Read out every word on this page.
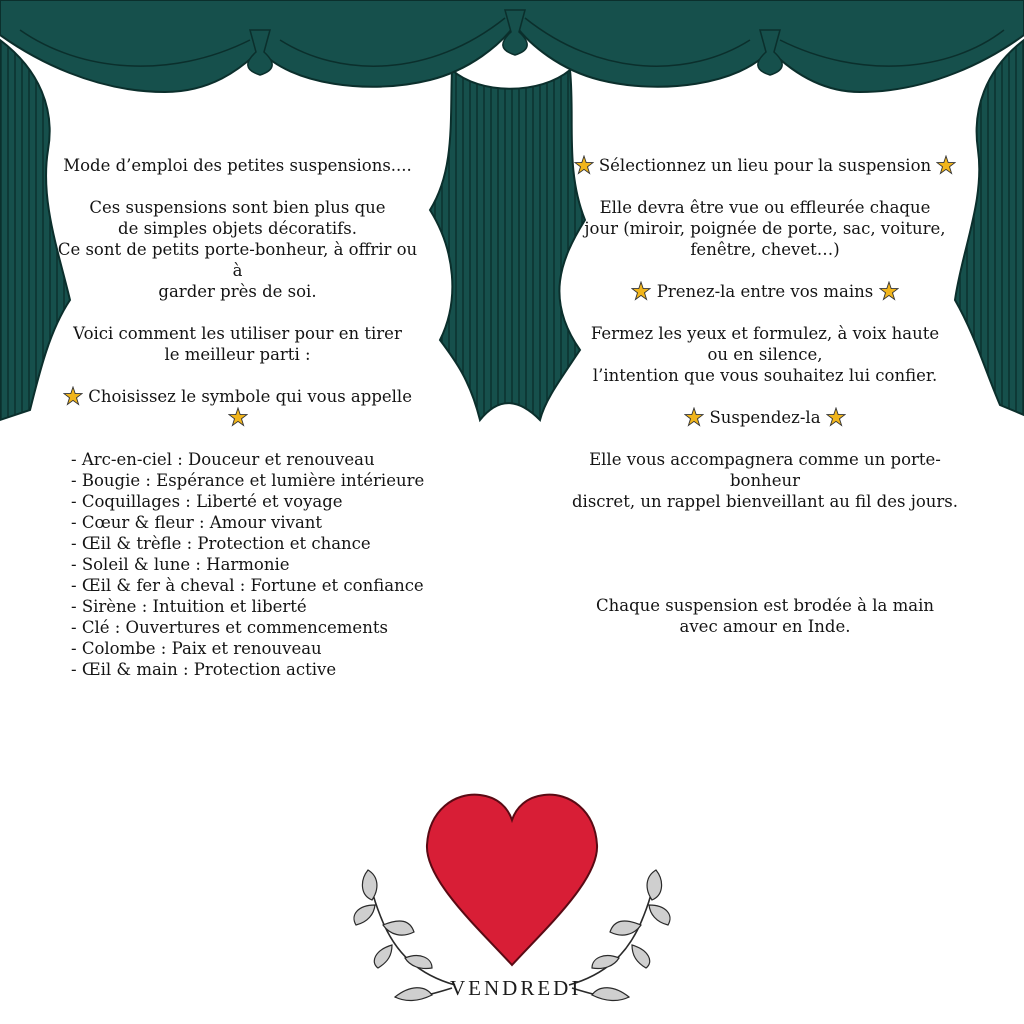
Mode d’emploi des petites suspensions....

Ces suspensions sont bien plus que

de simples objets décoratifs.

Ce sont de petits porte-bonheur, à offrir ou à

garder près de soi.

Voici comment les utiliser pour en tirer

le meilleur parti :

Choisissez le symbole qui vous appelle

- Arc-en-ciel : Douceur et renouveau
- Bougie : Espérance et lumière intérieure
- Coquillages : Liberté et voyage
- Cœur & fleur : Amour vivant
- Œil & trèfle : Protection et chance
- Soleil & lune : Harmonie
- Œil & fer à cheval : Fortune et confiance
- Sirène : Intuition et liberté
- Clé : Ouvertures et commencements
- Colombe : Paix et renouveau
- Œil & main : Protection active

Sélectionnez un lieu pour la suspension

Elle devra être vue ou effleurée chaque

jour (miroir, poignée de porte, sac, voiture,

fenêtre, chevet…)

Prenez-la entre vos mains

Fermez les yeux et formulez, à voix haute

ou en silence,

l’intention que vous souhaitez lui confier.

Suspendez-la

Elle vous accompagnera comme un porte-bonheur

discret, un rappel bienveillant au fil des jours.

Chaque suspension est brodée à la main

avec amour en Inde.

VENDREDI
